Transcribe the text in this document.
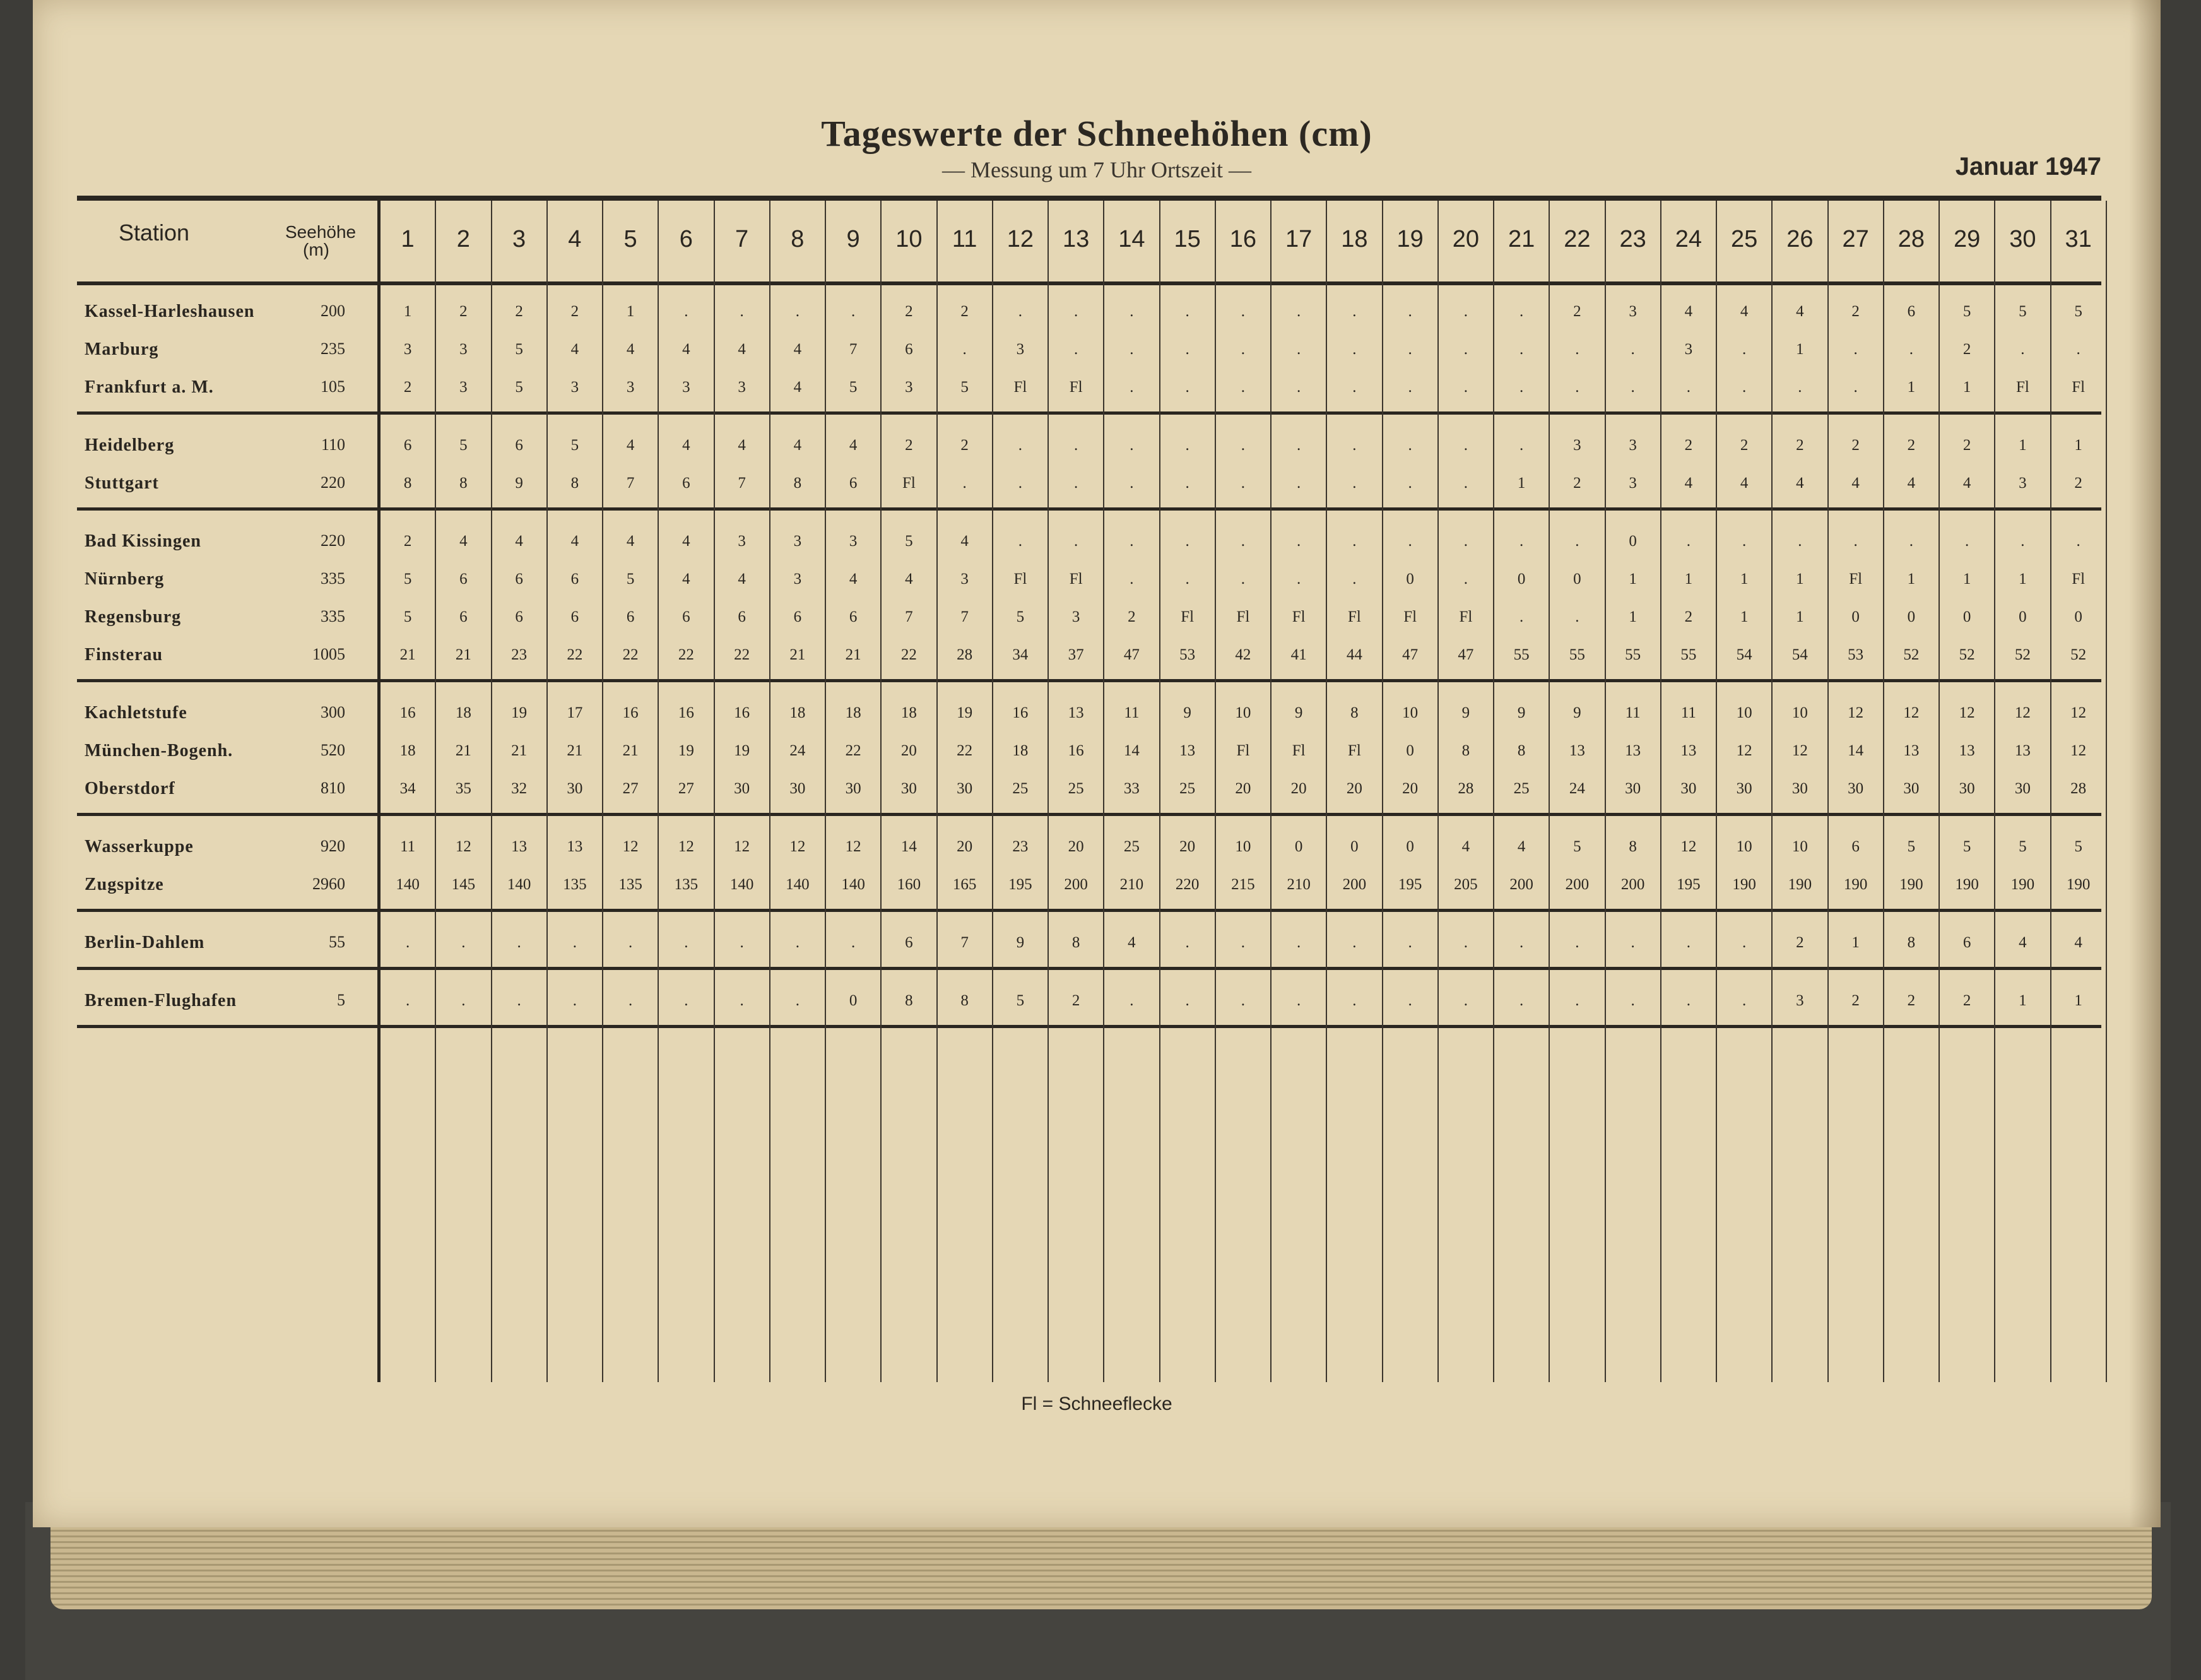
Tageswerte der Schneehöhen (cm)
— Messung um 7 Uhr Ortszeit —	Januar 1947
Station	Seehöhe
(m)	1	2	3	4	5	6	7	8	9	10	11	12	13	14	15	16	17	18	19	20	21	22	23	24	25	26	27	28	29	30	31
Kassel-Harleshausen	200	1	2	2	2	1	.	.	.	.	2	2	.	.	.	.	.	.	.	.	.	.	2	3	4	4	4	2	6	5	5	5
Marburg	235	3	3	5	4	4	4	4	4	7	6	.	3	.	.	.	.	.	.	.	.	.	.	.	3	.	1	.	.	2	.	.
Frankfurt a. M.	105	2	3	5	3	3	3	3	4	5	3	5	Fl	Fl	.	.	.	.	.	.	.	.	.	.	.	.	.	.	1	1	Fl	Fl
Heidelberg	110	6	5	6	5	4	4	4	4	4	2	2	.	.	.	.	.	.	.	.	.	.	3	3	2	2	2	2	2	2	1	1
Stuttgart	220	8	8	9	8	7	6	7	8	6	Fl	.	.	.	.	.	.	.	.	.	.	1	2	3	4	4	4	4	4	4	3	2
Bad Kissingen	220	2	4	4	4	4	4	3	3	3	5	4	.	.	.	.	.	.	.	.	.	.	.	0	.	.	.	.	.	.	.	.
Nürnberg	335	5	6	6	6	5	4	4	3	4	4	3	Fl	Fl	.	.	.	.	.	0	.	0	0	1	1	1	1	Fl	1	1	1	Fl
Regensburg	335	5	6	6	6	6	6	6	6	6	7	7	5	3	2	Fl	Fl	Fl	Fl	Fl	Fl	.	.	1	2	1	1	0	0	0	0	0
Finsterau	1005	21	21	23	22	22	22	22	21	21	22	28	34	37	47	53	42	41	44	47	47	55	55	55	55	54	54	53	52	52	52	52
Kachletstufe	300	16	18	19	17	16	16	16	18	18	18	19	16	13	11	9	10	9	8	10	9	9	9	11	11	10	10	12	12	12	12	12
München-Bogenh.	520	18	21	21	21	21	19	19	24	22	20	22	18	16	14	13	Fl	Fl	Fl	0	8	8	13	13	13	12	12	14	13	13	13	12
Oberstdorf	810	34	35	32	30	27	27	30	30	30	30	30	25	25	33	25	20	20	20	20	28	25	24	30	30	30	30	30	30	30	30	28
Wasserkuppe	920	11	12	13	13	12	12	12	12	12	14	20	23	20	25	20	10	0	0	0	4	4	5	8	12	10	10	6	5	5	5	5
Zugspitze	2960	140	145	140	135	135	135	140	140	140	160	165	195	200	210	220	215	210	200	195	205	200	200	200	195	190	190	190	190	190	190	190
Berlin-Dahlem	55	.	.	.	.	.	.	.	.	.	6	7	9	8	4	.	.	.	.	.	.	.	.	.	.	.	2	1	8	6	4	4
Bremen-Flughafen	5	.	.	.	.	.	.	.	.	0	8	8	5	2	.	.	.	.	.	.	.	.	.	.	.	.	3	2	2	2	1	1
Fl = Schneeflecke
